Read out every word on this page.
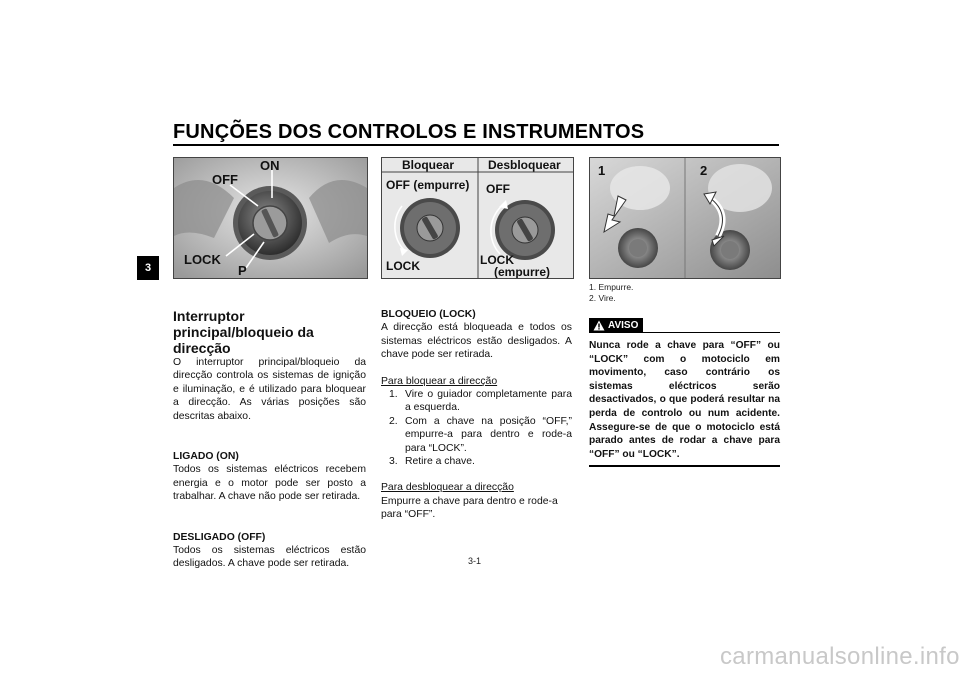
FUNÇÕES DOS CONTROLOS E INSTRUMENTOS
3
ON
OFF
LOCK
P
Bloquear	Desbloquear
OFF (empurre)
LOCK
OFF
LOCK
(empurre)
1	2
1. Empurre.
2. Vire.

Interruptor principal/bloqueio da direcção

O interruptor principal/bloqueio da direcção controla os sistemas de ignição e iluminação, e é utilizado para bloquear a direcção. As várias posições são descritas abaixo.

LIGADO (ON)

Todos os sistemas eléctricos recebem energia e o motor pode ser posto a trabalhar. A chave não pode ser retirada.

DESLIGADO (OFF)

Todos os sistemas eléctricos estão desligados. A chave pode ser retirada.

BLOQUEIO (LOCK)

A direcção está bloqueada e todos os sistemas eléctricos estão desligados. A chave pode ser retirada.

Para bloquear a direcção

1. Vire o guiador completamente para a esquerda.
2. Com a chave na posição “OFF,” empurre-a para dentro e rode-a para “LOCK”.
3. Retire a chave.

Para desbloquear a direcção

Empurre a chave para dentro e rode-a para “OFF”.

AVISO
Nunca rode a chave para “OFF” ou “LOCK” com o motociclo em movimento, caso contrário os sistemas eléctricos serão desactivados, o que poderá resultar na perda de controlo ou num acidente. Assegure-se de que o motociclo está parado antes de rodar a chave para “OFF” ou “LOCK”.
3-1
carmanualsonline.info
